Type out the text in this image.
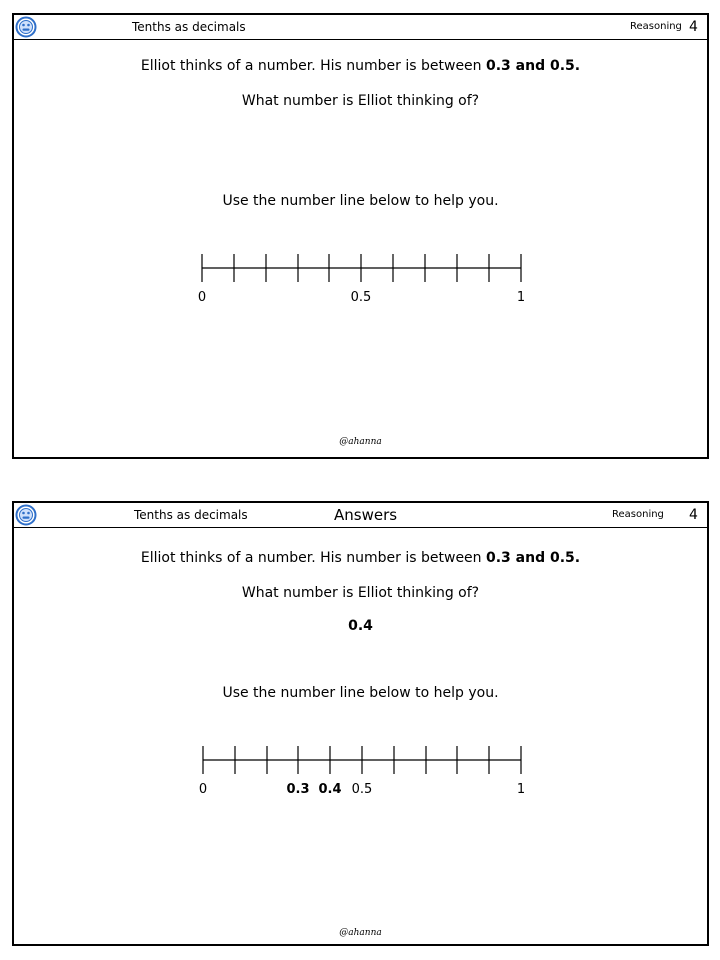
Tenths as decimals	Reasoning 4
Elliot thinks of a number. His number is between 0.3 and 0.5.
What number is Elliot thinking of?
Use the number line below to help you.
0	0.5	1
@ahanna
Tenths as decimals	Answers	Reasoning 4
Elliot thinks of a number. His number is between 0.3 and 0.5.
What number is Elliot thinking of?
0.4
Use the number line below to help you.
0	0.3 0.4 0.5	1
@ahanna
